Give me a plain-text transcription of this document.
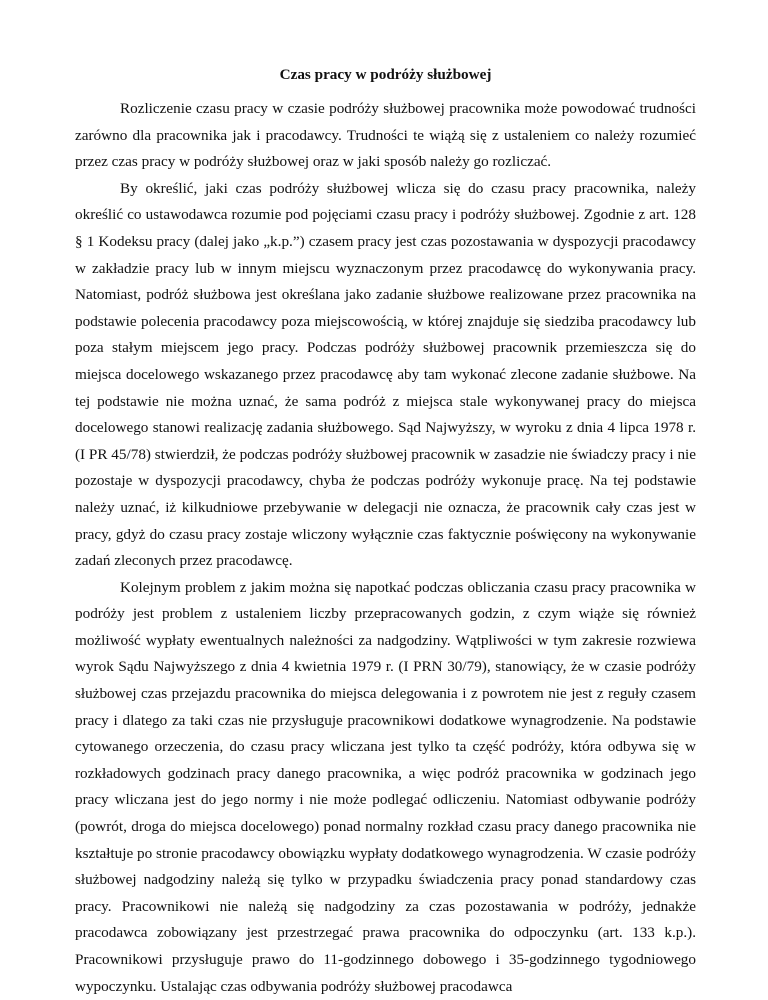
Czas pracy w podróży służbowej

Rozliczenie czasu pracy w czasie podróży służbowej pracownika może powodować trudności zarówno dla pracownika jak i pracodawcy. Trudności te wiążą się z ustaleniem co należy rozumieć przez czas pracy w podróży służbowej oraz w jaki sposób należy go rozliczać.

By określić, jaki czas podróży służbowej wlicza się do czasu pracy pracownika, należy określić co ustawodawca rozumie pod pojęciami czasu pracy i podróży służbowej. Zgodnie z art. 128 § 1 Kodeksu pracy (dalej jako „k.p.”) czasem pracy jest czas pozostawania w dyspozycji pracodawcy w zakładzie pracy lub w innym miejscu wyznaczonym przez pracodawcę do wykonywania pracy. Natomiast, podróż służbowa jest określana jako zadanie służbowe realizowane przez pracownika na podstawie polecenia pracodawcy poza miejscowością, w której znajduje się siedziba pracodawcy lub poza stałym miejscem jego pracy. Podczas podróży służbowej pracownik przemieszcza się do miejsca docelowego wskazanego przez pracodawcę aby tam wykonać zlecone zadanie służbowe. Na tej podstawie nie można uznać, że sama podróż z miejsca stale wykonywanej pracy do miejsca docelowego stanowi realizację zadania służbowego. Sąd Najwyższy, w wyroku z dnia 4 lipca 1978 r. (I PR 45/78) stwierdził, że podczas podróży służbowej pracownik w zasadzie nie świadczy pracy i nie pozostaje w dyspozycji pracodawcy, chyba że podczas podróży wykonuje pracę. Na tej podstawie należy uznać, iż kilkudniowe przebywanie w delegacji nie oznacza, że pracownik cały czas jest w pracy, gdyż do czasu pracy zostaje wliczony wyłącznie czas faktycznie poświęcony na wykonywanie zadań zleconych przez pracodawcę.

Kolejnym problem z jakim można się napotkać podczas obliczania czasu pracy pracownika w podróży jest problem z ustaleniem liczby przepracowanych godzin, z czym wiąże się również możliwość wypłaty ewentualnych należności za nadgodziny. Wątpliwości w tym zakresie rozwiewa wyrok Sądu Najwyższego z dnia 4 kwietnia 1979 r. (I PRN 30/79), stanowiący, że w czasie podróży służbowej czas przejazdu pracownika do miejsca delegowania i z powrotem nie jest z reguły czasem pracy i dlatego za taki czas nie przysługuje pracownikowi dodatkowe wynagrodzenie. Na podstawie cytowanego orzeczenia, do czasu pracy wliczana jest tylko ta część podróży, która odbywa się w rozkładowych godzinach pracy danego pracownika, a więc podróż pracownika w godzinach jego pracy wliczana jest do jego normy i nie może podlegać odliczeniu. Natomiast odbywanie podróży (powrót, droga do miejsca docelowego) ponad normalny rozkład czasu pracy danego pracownika nie kształtuje po stronie pracodawcy obowiązku wypłaty dodatkowego wynagrodzenia. W czasie podróży służbowej nadgodziny należą się tylko w przypadku świadczenia pracy ponad standardowy czas pracy. Pracownikowi nie należą się nadgodziny za czas pozostawania w podróży, jednakże pracodawca zobowiązany jest przestrzegać prawa pracownika do odpoczynku (art. 133 k.p.). Pracownikowi przysługuje prawo do 11-godzinnego dobowego i 35-godzinnego tygodniowego wypoczynku. Ustalając czas odbywania podróży służbowej pracodawca
